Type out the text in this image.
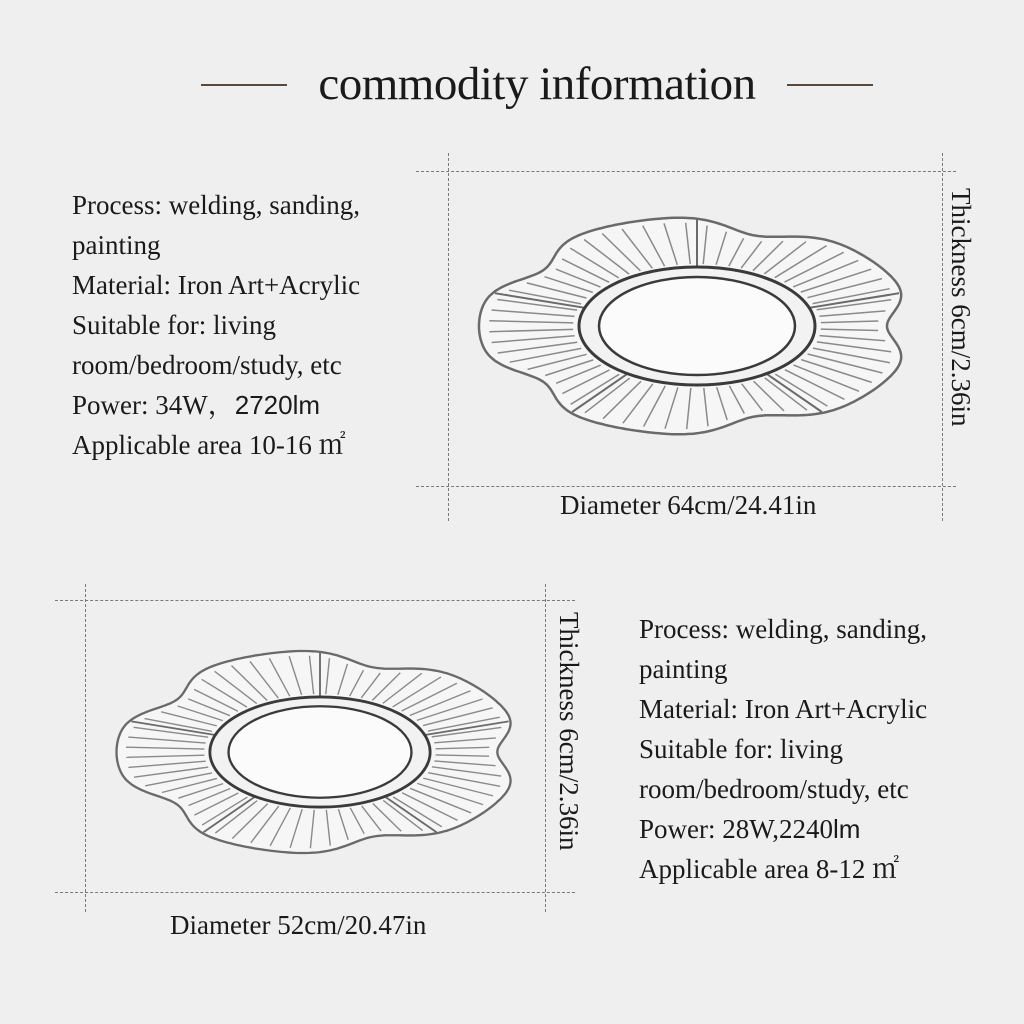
commodity information
Process: welding, sanding,
painting
Material: Iron Art+Acrylic
Suitable for: living
room/bedroom/study, etc
Power: 34W，2720lm
Applicable area 10-16 ㎡
Diameter 64cm/24.41in
Thickness 6cm/2.36in
Diameter 52cm/20.47in
Thickness 6cm/2.36in Process: welding, sanding,
painting
Material: Iron Art+Acrylic
Suitable for: living
room/bedroom/study, etc
Power: 28W,2240lm
Applicable area 8-12 ㎡
